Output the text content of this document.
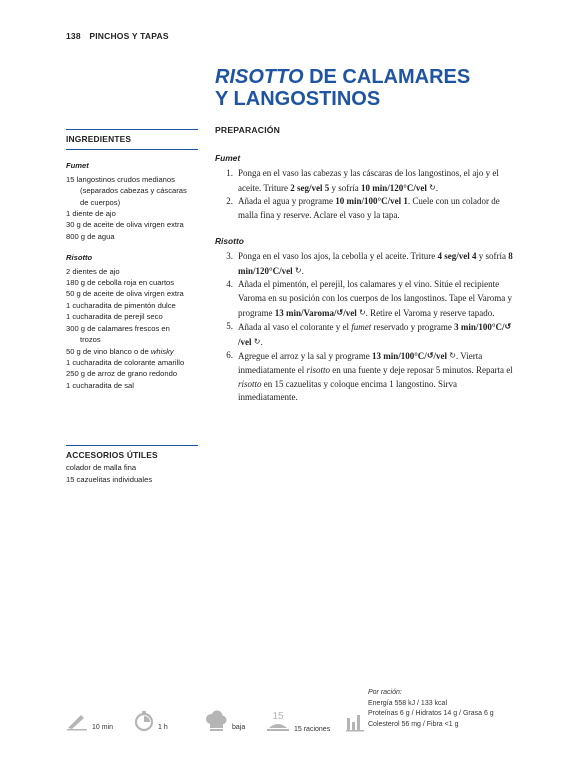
138 PINCHOS Y TAPAS
RISOTTO DE CALAMARES
Y LANGOSTINOS
INGREDIENTES
Fumet
15 langostinos crudos medianos
(separados cabezas y cáscaras
de cuerpos)
1 diente de ajo
30 g de aceite de oliva virgen extra
800 g de agua
Risotto
2 dientes de ajo
180 g de cebolla roja en cuartos
50 g de aceite de oliva virgen extra
1 cucharadita de pimentón dulce
1 cucharadita de perejil seco
300 g de calamares frescos en
trozos
50 g de vino blanco o de whisky
1 cucharadita de colorante amarillo
250 g de arroz de grano redondo
1 cucharadita de sal
ACCESORIOS ÚTILES
colador de malla fina
15 cazuelitas individuales
PREPARACIÓN
Fumet
1. Ponga en el vaso las cabezas y las cáscaras de los langostinos, el ajo y el aceite. Triture 2 seg/vel 5 y sofría 10 min/120°C/vel ↻.
2. Añada el agua y programe 10 min/100°C/vel 1. Cuele con un colador de malla fina y reserve. Aclare el vaso y la tapa.
Risotto
3. Ponga en el vaso los ajos, la cebolla y el aceite. Triture 4 seg/vel 4 y sofría 8 min/120°C/vel ↻.
4. Añada el pimentón, el perejil, los calamares y el vino. Sitúe el recipiente Varoma en su posición con los cuerpos de los langostinos. Tape el Varoma y programe 13 min/Varoma/↺/vel ↻. Retire el Varoma y reserve tapado.
5. Añada al vaso el colorante y el fumet reservado y programe 3 min/100°C/↺/vel ↻.
6. Agregue el arroz y la sal y programe 13 min/100°C/↺/vel ↻. Vierta inmediatamente el risotto en una fuente y deje reposar 5 minutos. Reparta el risotto en 15 cazuelitas y coloque encima 1 langostino. Sirva inmediatamente.
10 min	1 h	baja
15
15 raciones
Por ración:
Energía 558 kJ / 133 kcal
Proteínas 6 g / Hidratos 14 g / Grasa 6 g
Colesterol 56 mg / Fibra <1 g
